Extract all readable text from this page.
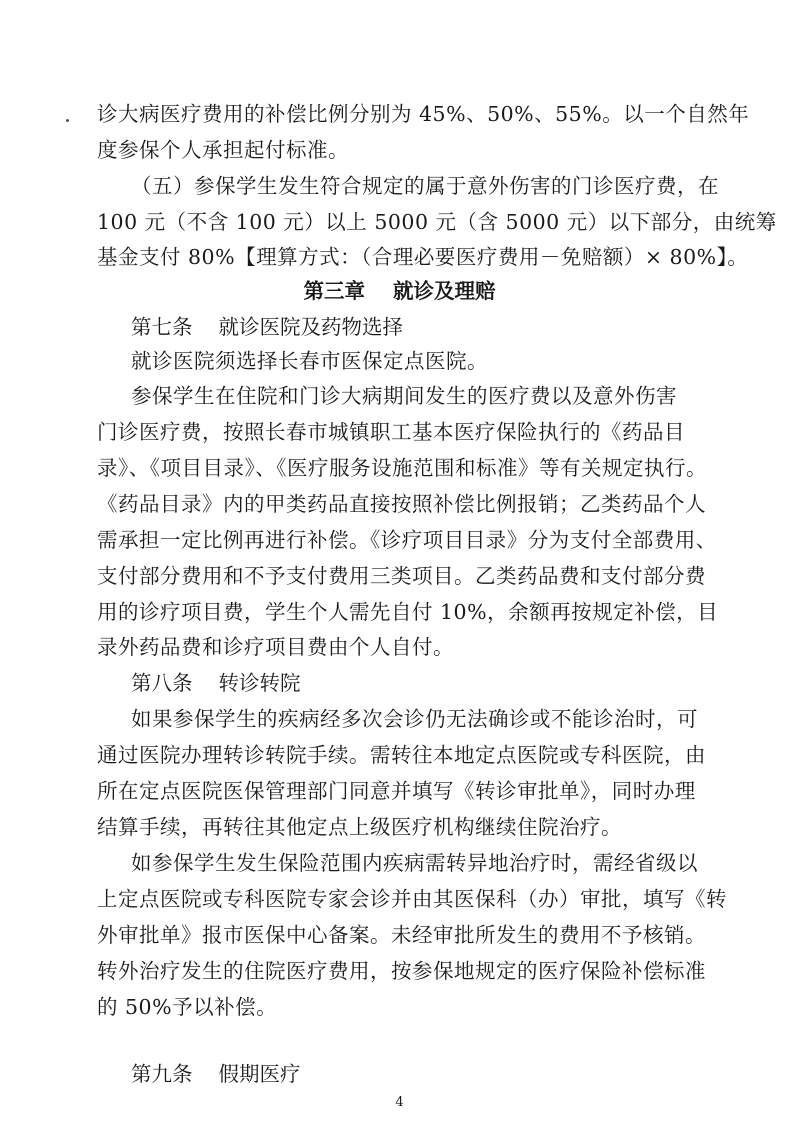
诊大病医疗费用的补偿比例分别为 45%、50%、55%。以一个自然年
度参保个人承担起付标准。
（五）参保学生发生符合规定的属于意外伤害的门诊医疗费，在
100 元（不含 100 元）以上 5000 元（含 5000 元）以下部分，由统筹
基金支付 80%【理算方式：（合理必要医疗费用－免赔额）× 80%】。
第三章 就诊及理赔
第七条 就诊医院及药物选择
就诊医院须选择长春市医保定点医院。
参保学生在住院和门诊大病期间发生的医疗费以及意外伤害
门诊医疗费，按照长春市城镇职工基本医疗保险执行的《药品目
录》、《项目目录》、《医疗服务设施范围和标准》等有关规定执行。
《药品目录》内的甲类药品直接按照补偿比例报销；乙类药品个人
需承担一定比例再进行补偿。《诊疗项目目录》分为支付全部费用、
支付部分费用和不予支付费用三类项目。乙类药品费和支付部分费
用的诊疗项目费，学生个人需先自付 10%，余额再按规定补偿，目
录外药品费和诊疗项目费由个人自付。
第八条 转诊转院
如果参保学生的疾病经多次会诊仍无法确诊或不能诊治时，可
通过医院办理转诊转院手续。需转往本地定点医院或专科医院，由
所在定点医院医保管理部门同意并填写《转诊审批单》，同时办理
结算手续，再转往其他定点上级医疗机构继续住院治疗。
如参保学生发生保险范围内疾病需转异地治疗时，需经省级以
上定点医院或专科医院专家会诊并由其医保科（办）审批，填写《转
外审批单》报市医保中心备案。未经审批所发生的费用不予核销。
转外治疗发生的住院医疗费用，按参保地规定的医疗保险补偿标准
的 50%予以补偿。
第九条 假期医疗
4
